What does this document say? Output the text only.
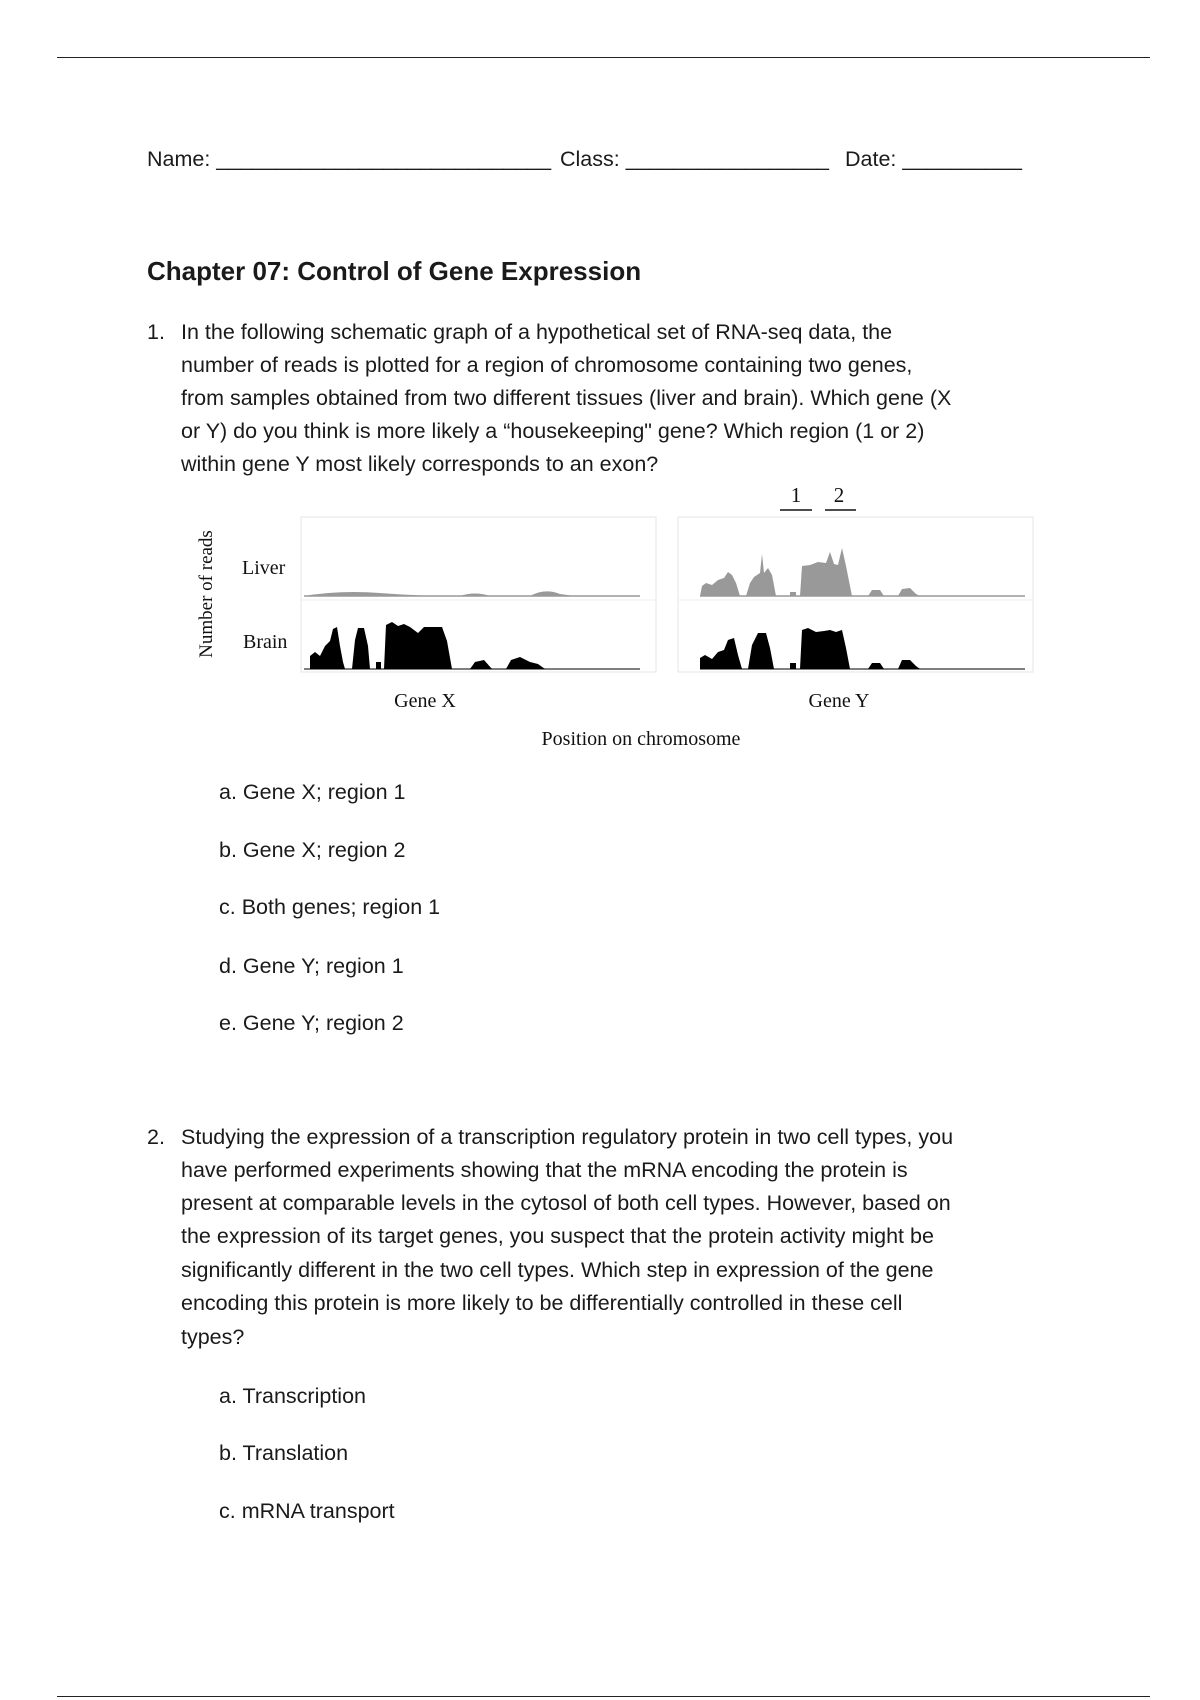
Name: ____________________________ Class: _________________ Date: __________
Chapter 07: Control of Gene Expression
1. In the following schematic graph of a hypothetical set of RNA-seq data, the
number of reads is plotted for a region of chromosome containing two genes,
from samples obtained from two different tissues (liver and brain). Which gene (X
or Y) do you think is more likely a “housekeeping" gene? Which region (1 or 2)
within gene Y most likely corresponds to an exon?
Number of reads Liver
Brain
Gene X	Gene Y
Position on chromosome
1 2
a. Gene X; region 1
b. Gene X; region 2
c. Both genes; region 1
d. Gene Y; region 1
e. Gene Y; region 2
2. Studying the expression of a transcription regulatory protein in two cell types, you
have performed experiments showing that the mRNA encoding the protein is
present at comparable levels in the cytosol of both cell types. However, based on
the expression of its target genes, you suspect that the protein activity might be
significantly different in the two cell types. Which step in expression of the gene
encoding this protein is more likely to be differentially controlled in these cell
types?
a. Transcription
b. Translation
c. mRNA transport
